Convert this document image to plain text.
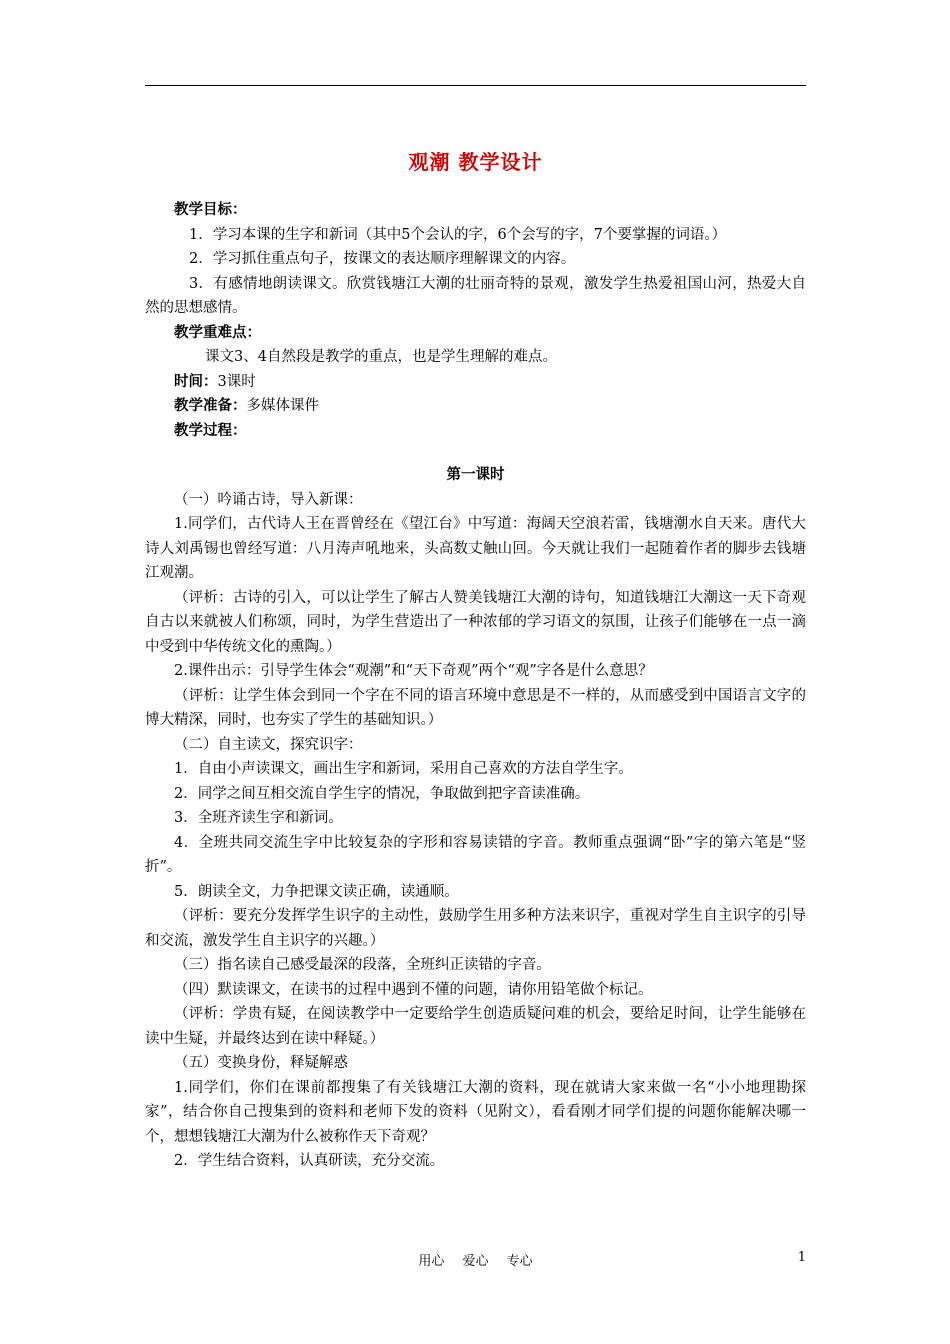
观潮 教学设计

教学目标：

1．学习本课的生字和新词（其中5个会认的字，6个会写的字，7个要掌握的词语。）

2．学习抓住重点句子，按课文的表达顺序理解课文的内容。

3．有感情地朗读课文。欣赏钱塘江大潮的壮丽奇特的景观，激发学生热爱祖国山河，热爱大自然的思想感情。

教学重难点：

课文3、4自然段是教学的重点，也是学生理解的难点。

时间：3课时

教学准备：多媒体课件

教学过程：

第一课时

（一）吟诵古诗，导入新课：

1.同学们，古代诗人王在晋曾经在《望江台》中写道：海阔天空浪若雷，钱塘潮水自天来。唐代大诗人刘禹锡也曾经写道：八月涛声吼地来，头高数丈触山回。今天就让我们一起随着作者的脚步去钱塘江观潮。

（评析：古诗的引入，可以让学生了解古人赞美钱塘江大潮的诗句，知道钱塘江大潮这一天下奇观自古以来就被人们称颂，同时，为学生营造出了一种浓郁的学习语文的氛围，让孩子们能够在一点一滴中受到中华传统文化的熏陶。）

2.课件出示：引导学生体会“观潮”和“天下奇观”两个“观”字各是什么意思？

（评析：让学生体会到同一个字在不同的语言环境中意思是不一样的，从而感受到中国语言文字的博大精深，同时，也夯实了学生的基础知识。）

（二）自主读文，探究识字：

1．自由小声读课文，画出生字和新词，采用自己喜欢的方法自学生字。

2．同学之间互相交流自学生字的情况，争取做到把字音读准确。

3．全班齐读生字和新词。

4．全班共同交流生字中比较复杂的字形和容易读错的字音。教师重点强调“卧”字的第六笔是“竖折”。

5．朗读全文，力争把课文读正确，读通顺。

（评析：要充分发挥学生识字的主动性，鼓励学生用多种方法来识字，重视对学生自主识字的引导和交流，激发学生自主识字的兴趣。）

（三）指名读自己感受最深的段落，全班纠正读错的字音。

（四）默读课文，在读书的过程中遇到不懂的问题，请你用铅笔做个标记。

（评析：学贵有疑，在阅读教学中一定要给学生创造质疑问难的机会，要给足时间，让学生能够在读中生疑，并最终达到在读中释疑。）

（五）变换身份，释疑解惑

1.同学们，你们在课前都搜集了有关钱塘江大潮的资料，现在就请大家来做一名“小小地理勘探家”，结合你自己搜集到的资料和老师下发的资料（见附文），看看刚才同学们提的问题你能解决哪一个，想想钱塘江大潮为什么被称作天下奇观？

2．学生结合资料，认真研读，充分交流。

用心 爱心 专心	1
